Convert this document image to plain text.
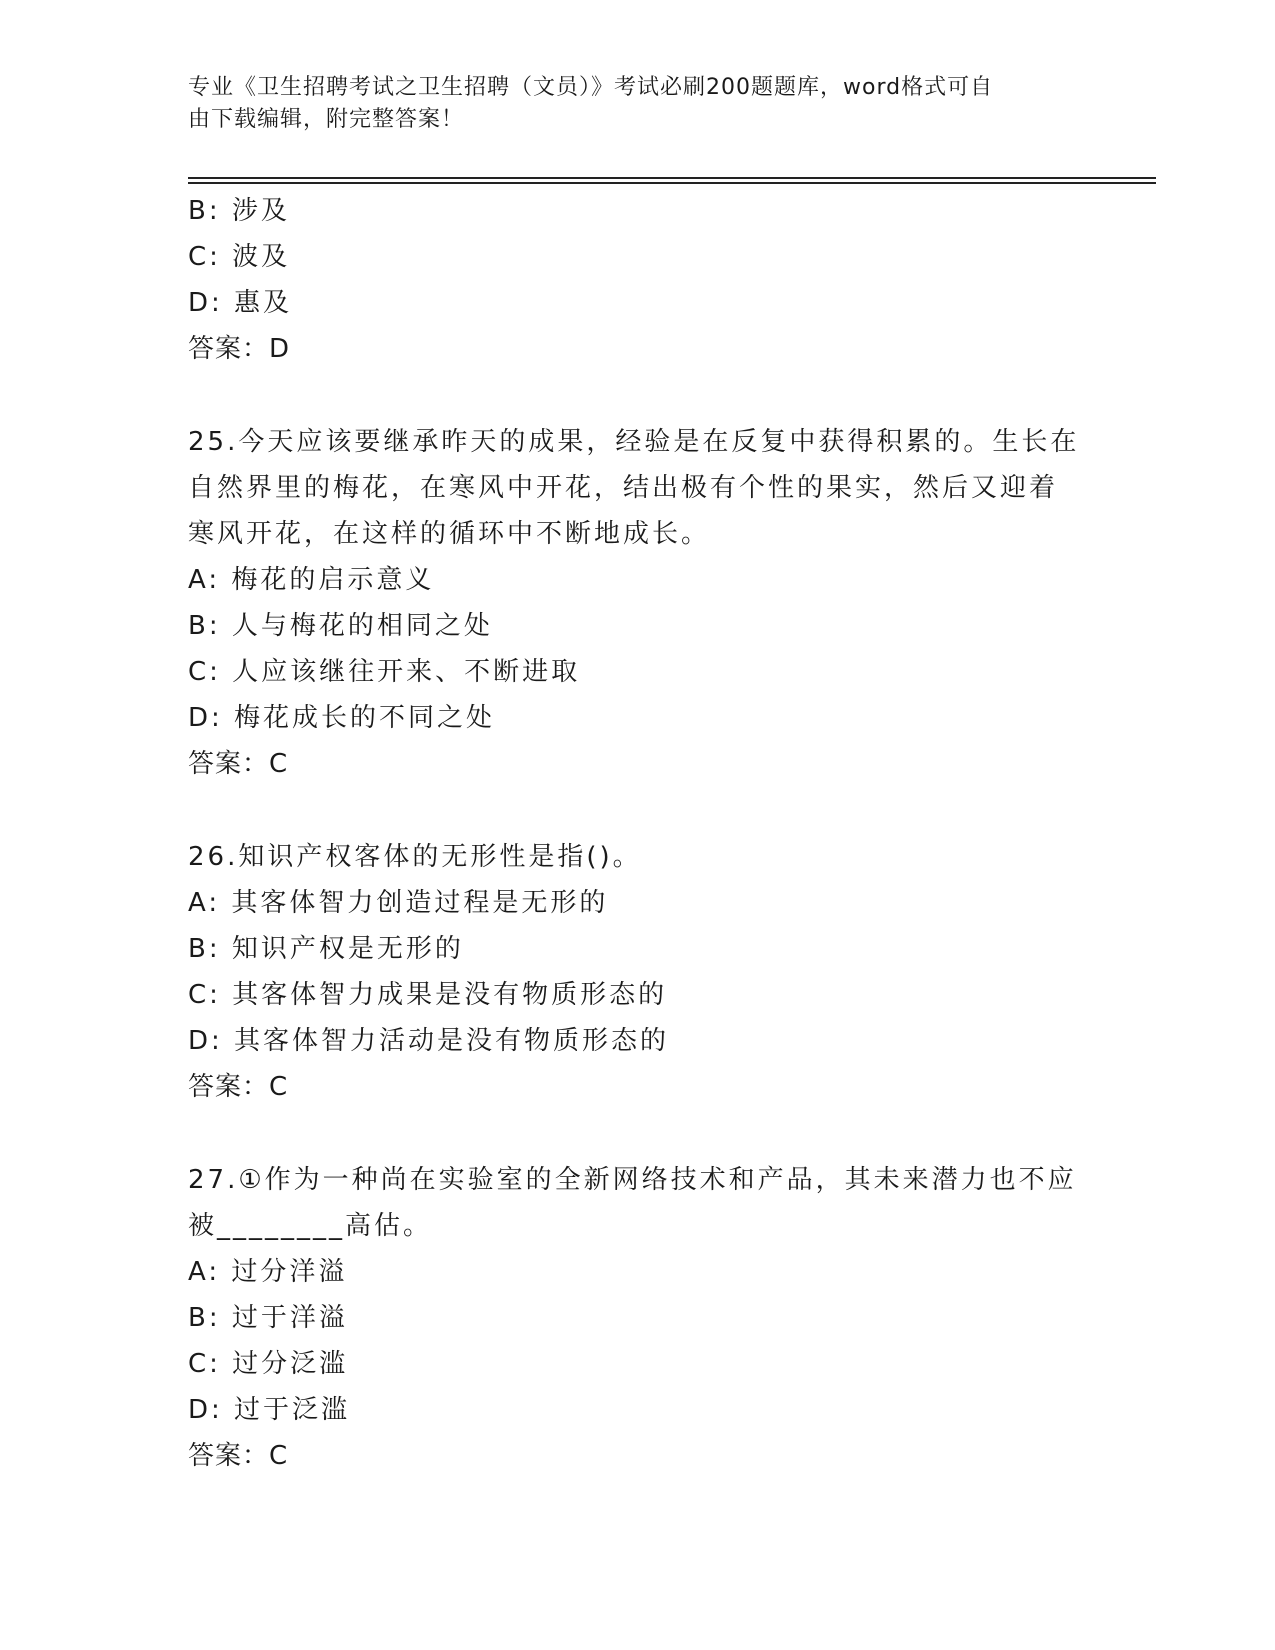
专业《卫生招聘考试之卫生招聘（文员）》考试必刷200题题库，word格式可自
由下载编辑，附完整答案！
B: 涉及
C: 波及
D: 惠及
答案：D
25.今天应该要继承昨天的成果，经验是在反复中获得积累的。生长在
自然界里的梅花，在寒风中开花，结出极有个性的果实，然后又迎着
寒风开花，在这样的循环中不断地成长。
A: 梅花的启示意义
B: 人与梅花的相同之处
C: 人应该继往开来、不断进取
D: 梅花成长的不同之处
答案：C
26.知识产权客体的无形性是指()。
A: 其客体智力创造过程是无形的
B: 知识产权是无形的
C: 其客体智力成果是没有物质形态的
D: 其客体智力活动是没有物质形态的
答案：C
27.①作为一种尚在实验室的全新网络技术和产品，其未来潜力也不应
被________高估。
A: 过分洋溢
B: 过于洋溢
C: 过分泛滥
D: 过于泛滥
答案：C
